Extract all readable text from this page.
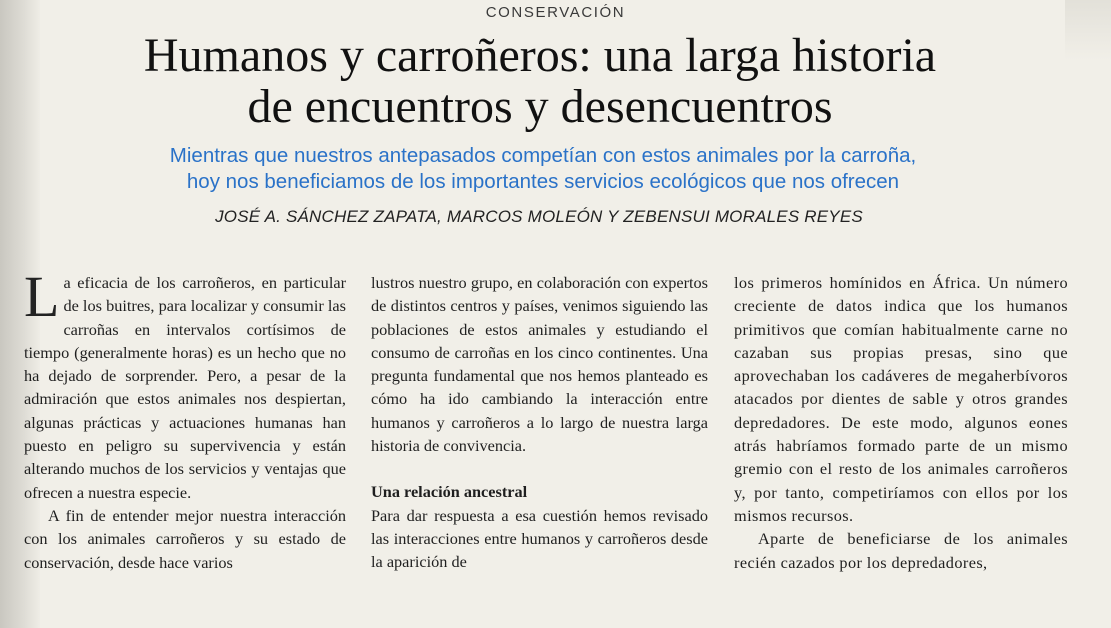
CONSERVACIÓN
Humanos y carroñeros: una larga historia
de encuentros y desencuentros
Mientras que nuestros antepasados competían con estos animales por la carroña,
hoy nos beneficiamos de los importantes servicios ecológicos que nos ofrecen
JOSÉ A. SÁNCHEZ ZAPATA, MARCOS MOLEÓN Y ZEBENSUI MORALES REYES

La eficacia de los carroñeros, en particular de los buitres, para localizar y consumir las carroñas en intervalos cortísimos de tiempo (generalmente horas) es un hecho que no ha dejado de sorprender. Pero, a pesar de la admiración que estos animales nos despiertan, algunas prácticas y actuaciones humanas han puesto en peligro su supervivencia y están alterando muchos de los servicios y ventajas que ofrecen a nuestra especie.

A fin de entender mejor nuestra interacción con los animales carroñeros y su estado de conservación, desde hace varios

lustros nuestro grupo, en colaboración con expertos de distintos centros y países, venimos siguiendo las poblaciones de estos animales y estudiando el consumo de carroñas en los cinco continentes. Una pregunta fundamental que nos hemos planteado es cómo ha ido cambiando la interacción entre humanos y carroñeros a lo largo de nuestra larga historia de convivencia.

Una relación ancestral

Para dar respuesta a esa cuestión hemos revisado las interacciones entre humanos y carroñeros desde la aparición de

los primeros homínidos en África. Un número creciente de datos indica que los humanos primitivos que comían habitualmente carne no cazaban sus propias presas, sino que aprovechaban los cadáveres de megaherbívoros atacados por dientes de sable y otros grandes depredadores. De este modo, algunos eones atrás habríamos formado parte de un mismo gremio con el resto de los animales carroñeros y, por tanto, competiríamos con ellos por los mismos recursos.

Aparte de beneficiarse de los animales recién cazados por los depredadores,
